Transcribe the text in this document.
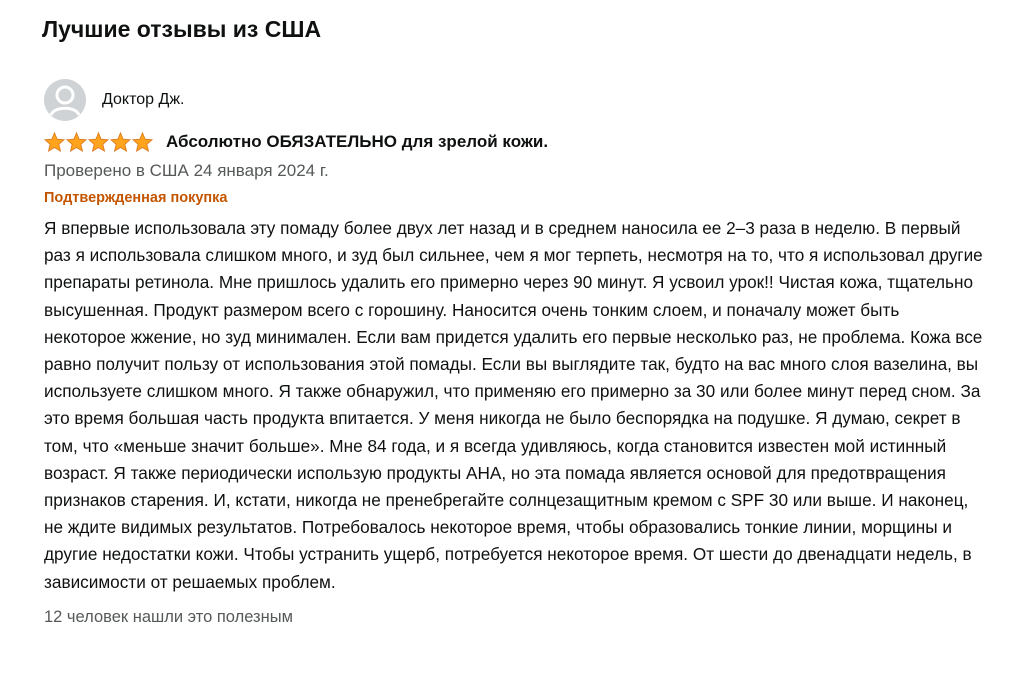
Лучшие отзывы из США
Доктор Дж.
Абсолютно ОБЯЗАТЕЛЬНО для зрелой кожи.
Проверено в США 24 января 2024 г.
Подтвержденная покупка
Я впервые использовала эту помаду более двух лет назад и в среднем наносила ее 2–3 раза в неделю. В первый раз я использовала слишком много, и зуд был сильнее, чем я мог терпеть, несмотря на то, что я использовал другие препараты ретинола. Мне пришлось удалить его примерно через 90 минут. Я усвоил урок!! Чистая кожа, тщательно высушенная. Продукт размером всего с горошину. Наносится очень тонким слоем, и поначалу может быть некоторое жжение, но зуд минимален. Если вам придется удалить его первые несколько раз, не проблема. Кожа все равно получит пользу от использования этой помады. Если вы выглядите так, будто на вас много слоя вазелина, вы используете слишком много. Я также обнаружил, что применяю его примерно за 30 или более минут перед сном. За это время большая часть продукта впитается. У меня никогда не было беспорядка на подушке. Я думаю, секрет в том, что «меньше значит больше». Мне 84 года, и я всегда удивляюсь, когда становится известен мой истинный возраст. Я также периодически использую продукты AHA, но эта помада является основой для предотвращения признаков старения. И, кстати, никогда не пренебрегайте солнцезащитным кремом с SPF 30 или выше. И наконец, не ждите видимых результатов. Потребовалось некоторое время, чтобы образовались тонкие линии, морщины и другие недостатки кожи. Чтобы устранить ущерб, потребуется некоторое время. От шести до двенадцати недель, в зависимости от решаемых проблем.
12 человек нашли это полезным
